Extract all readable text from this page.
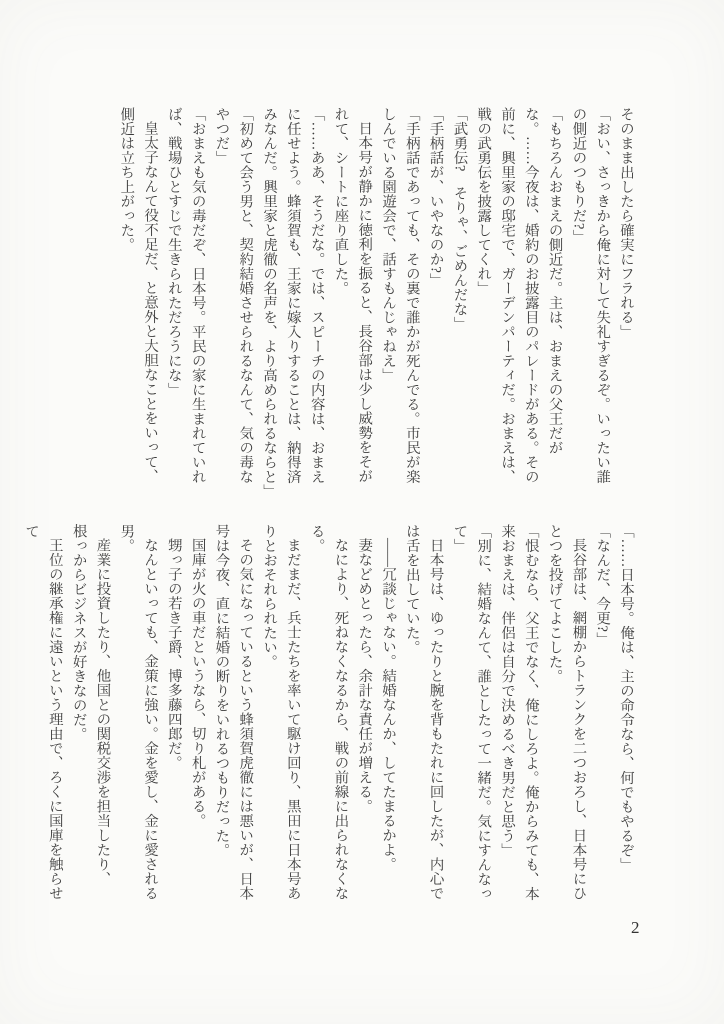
そのまま出したら確実にフラれる」

「おい、さっきから俺に対して失礼すぎるぞ。いったい誰の側近のつもりだ?」

「もちろんおまえの側近だ。主は、おまえの父王だがな。……今夜は、婚約のお披露目のパレードがある。その前に、興里家の邸宅で、ガーデンパーティだ。おまえは、戦の武勇伝を披露してくれ」

「武勇伝?　そりゃ、ごめんだな」

「手柄話が、いやなのか?」

「手柄話であっても、その裏で誰かが死んでる。市民が楽しんでいる園遊会で、話すもんじゃねえ」

日本号が静かに徳利を振ると、長谷部は少し威勢をそがれて、シートに座り直した。

「……ああ、そうだな。では、スピーチの内容は、おまえに任せよう。蜂須賀も、王家に嫁入りすることは、納得済みなんだ。興里家と虎徹の名声を、より高められるならと」

「初めて会う男と、契約結婚させられるなんて、気の毒なやつだ」

「おまえも気の毒だぞ、日本号。平民の家に生まれていれば、戦場ひとすじで生きられただろうにな」

皇太子なんて役不足だ、と意外と大胆なことをいって、側近は立ち上がった。

「……日本号。俺は、主の命令なら、何でもやるぞ」

「なんだ、今更?」

長谷部は、網棚からトランクを二つおろし、日本号にひとつを投げてよこした。

「恨むなら、父王でなく、俺にしろよ。俺からみても、本来おまえは、伴侶は自分で決めるべき男だと思う」

「別に、結婚なんて、誰としたって一緒だ。気にすんなって」

日本号は、ゆったりと腕を背もたれに回したが、内心では舌を出していた。

――冗談じゃない。結婚なんか、してたまるかよ。

妻などめとったら、余計な責任が増える。

なにより、死ねなくなるから、戦の前線に出られなくなる。

まだまだ、兵士たちを率いて駆け回り、黒田に日本号ありとおそれられたい。

その気になっているという蜂須賀虎徹には悪いが、日本号は今夜、直に結婚の断りをいれるつもりだった。

国庫が火の車だというなら、切り札がある。

甥っ子の若き子爵、博多藤四郎だ。

なんといっても、金策に強い。金を愛し、金に愛される男。

産業に投資したり、他国との関税交渉を担当したり、根っからビジネスが好きなのだ。

王位の継承権に遠いという理由で、ろくに国庫を触らせて

2
